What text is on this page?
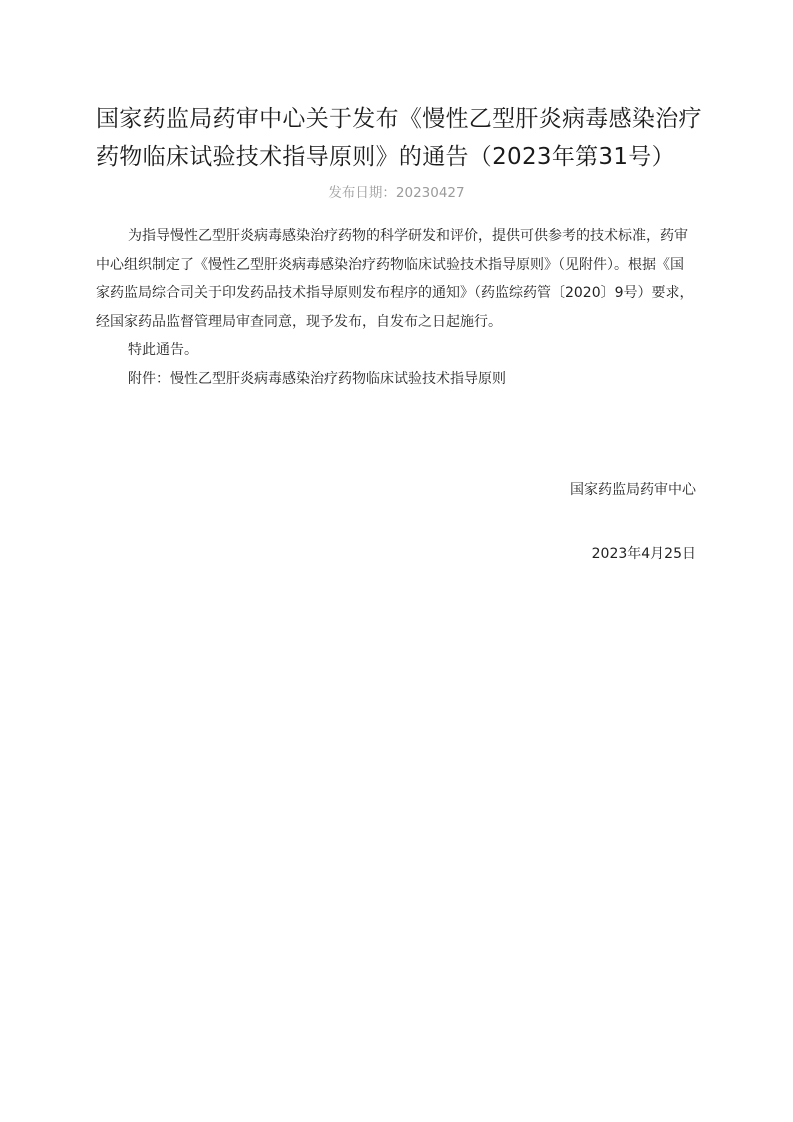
国家药监局药审中心关于发布《慢性乙型肝炎病毒感染治疗药物临床试验技术指导原则》的通告（2023年第31号）
发布日期：20230427

为指导慢性乙型肝炎病毒感染治疗药物的科学研发和评价，提供可供参考的技术标准，药审中心组织制定了《慢性乙型肝炎病毒感染治疗药物临床试验技术指导原则》（见附件）。根据《国家药监局综合司关于印发药品技术指导原则发布程序的通知》（药监综药管〔2020〕9号）要求，经国家药品监督管理局审查同意，现予发布，自发布之日起施行。

特此通告。

附件：慢性乙型肝炎病毒感染治疗药物临床试验技术指导原则

国家药监局药审中心
2023年4月25日
